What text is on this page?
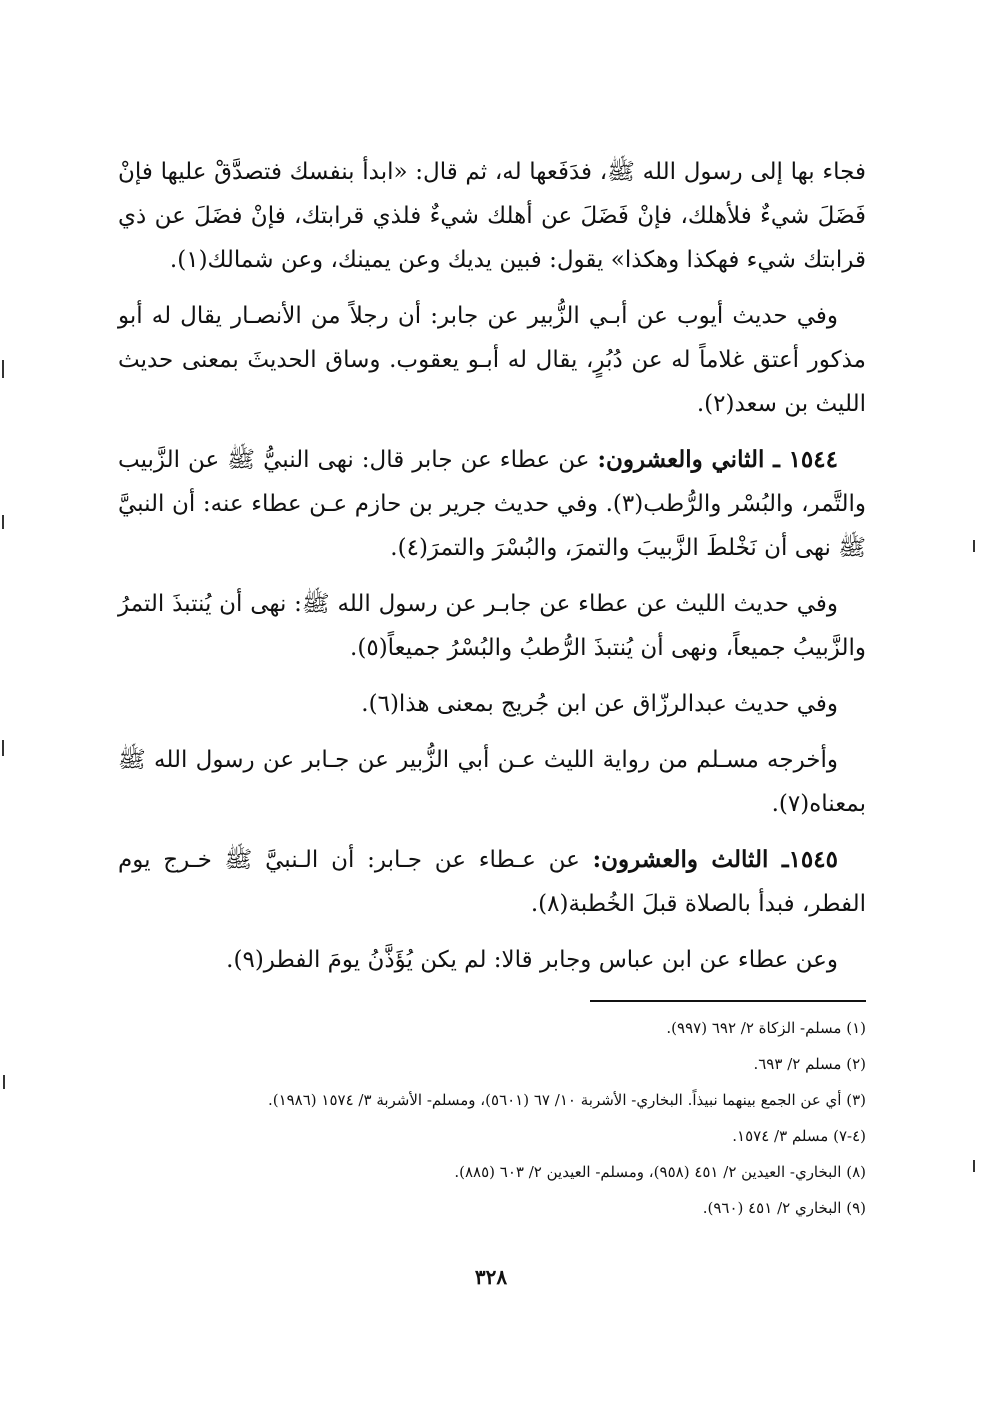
فجاء بها إلى رسول الله ﷺ، فدَفَعها له، ثم قال: «ابدأ بنفسك فتصدَّقْ عليها فإنْ فَضَلَ شيءٌ فلأهلك، فإنْ فَضَلَ عن أهلك شيءٌ فلذي قرابتك، فإنْ فضَلَ عن ذي قرابتك شيء فهكذا وهكذا» يقول: فبين يديك وعن يمينك، وعن شمالك(١).

وفي حديث أيوب عن أبـي الزُّبير عن جابر: أن رجلاً من الأنصـار يقال له أبو مذكور أعتق غلاماً له عن دُبُرٍ، يقال له أبـو يعقوب. وساق الحديثَ بمعنى حديث الليث بن سعد(٢).

١٥٤٤ ـ الثاني والعشرون: عن عطاء عن جابر قال: نهى النبيُّ ﷺ عن الزَّبيب والتَّمر، والبُسْر والرُّطب(٣). وفي حديث جرير بن حازم عـن عطاء عنه: أن النبيَّ ﷺ نهى أن نَخْلطَ الزَّبيبَ والتمرَ، والبُسْرَ والتمرَ(٤).

وفي حديث الليث عن عطاء عن جابـر عن رسول الله ﷺ: نهى أن يُنتبذَ التمرُ والزَّبيبُ جميعاً، ونهى أن يُنتبذَ الرُّطبُ والبُسْرُ جميعاً(٥).

وفي حديث عبدالرزّاق عن ابن جُريج بمعنى هذا(٦).

وأخرجه مسـلم من رواية الليث عـن أبي الزُّبير عن جـابر عن رسول الله ﷺ بمعناه(٧).

١٥٤٥ـ الثالث والعشرون: عن عـطاء عن جـابر: أن الـنبيَّ ﷺ خـرج يوم الفطر، فبدأ بالصلاة قبلَ الخُطبة(٨).

وعن عطاء عن ابن عباس وجابر قالا: لم يكن يُؤَذَّنُ يومَ الفطر(٩).

(١) مسلم- الزكاة ٢/ ٦٩٢ (٩٩٧).

(٢) مسلم ٢/ ٦٩٣.

(٣) أي عن الجمع بينهما نبيذاً. البخاري- الأشربة ١٠/ ٦٧ (٥٦٠١)، ومسلم- الأشربة ٣/ ١٥٧٤ (١٩٨٦).

(٤-٧) مسلم ٣/ ١٥٧٤.

(٨) البخاري- العيدين ٢/ ٤٥١ (٩٥٨)، ومسلم- العيدين ٢/ ٦٠٣ (٨٨٥).

(٩) البخاري ٢/ ٤٥١ (٩٦٠).

٣٢٨
